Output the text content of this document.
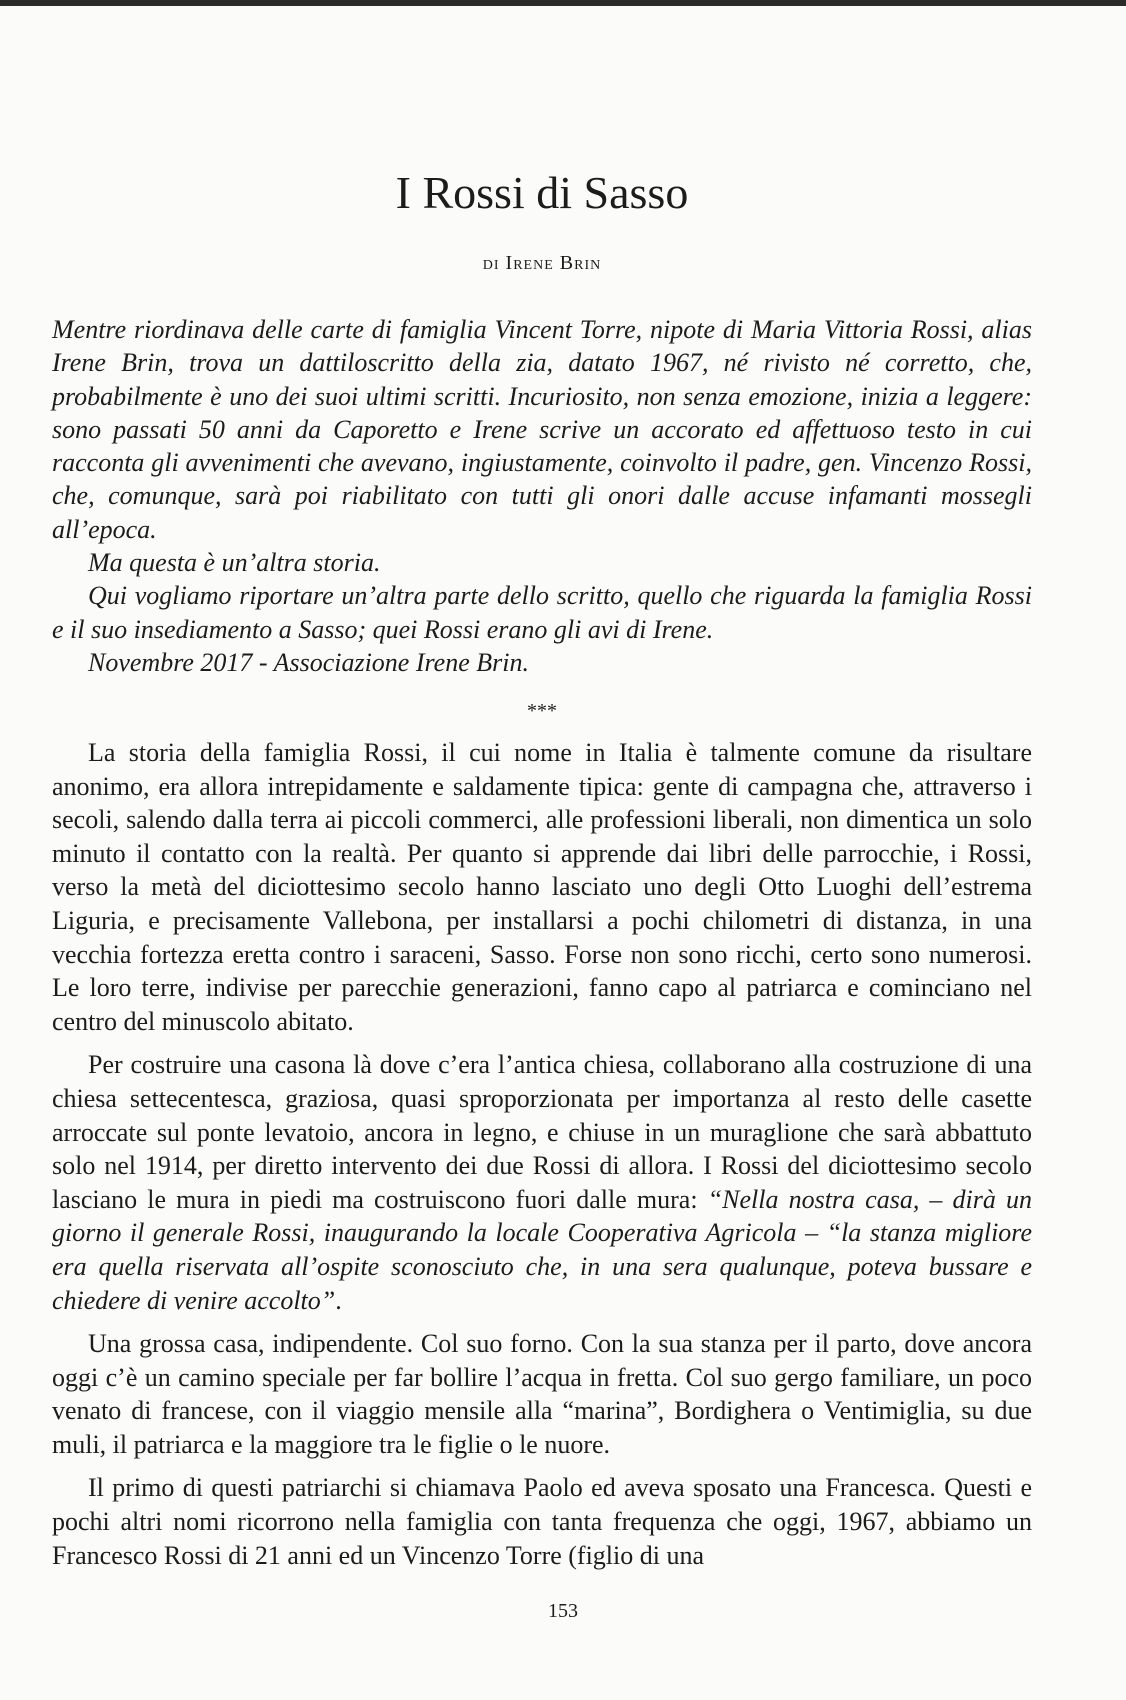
I Rossi di Sasso
di Irene Brin

Mentre riordinava delle carte di famiglia Vincent Torre, nipote di Maria Vittoria Rossi, alias Irene Brin, trova un dattiloscritto della zia, datato 1967, né rivisto né corretto, che, probabilmente è uno dei suoi ultimi scritti. Incuriosito, non senza emozione, inizia a leggere: sono passati 50 anni da Caporetto e Irene scrive un accorato ed affettuoso testo in cui racconta gli avvenimenti che avevano, ingiustamente, coinvolto il padre, gen. Vincenzo Rossi, che, comunque, sarà poi riabilitato con tutti gli onori dalle accuse infamanti mossegli all’epoca.

Ma questa è un’altra storia.

Qui vogliamo riportare un’altra parte dello scritto, quello che riguarda la famiglia Rossi e il suo insediamento a Sasso; quei Rossi erano gli avi di Irene.

Novembre 2017 - Associazione Irene Brin.

***

La storia della famiglia Rossi, il cui nome in Italia è talmente comune da risultare anonimo, era allora intrepidamente e saldamente tipica: gente di campagna che, attraverso i secoli, salendo dalla terra ai piccoli commerci, alle professioni liberali, non dimentica un solo minuto il contatto con la realtà. Per quanto si apprende dai libri delle parrocchie, i Rossi, verso la metà del diciottesimo secolo hanno lasciato uno degli Otto Luoghi dell’estrema Liguria, e precisamente Vallebona, per installarsi a pochi chilometri di distanza, in una vecchia fortezza eretta contro i saraceni, Sasso. Forse non sono ricchi, certo sono numerosi. Le loro terre, indivise per parecchie generazioni, fanno capo al patriarca e cominciano nel centro del minuscolo abitato.

Per costruire una casona là dove c’era l’antica chiesa, collaborano alla costruzione di una chiesa settecentesca, graziosa, quasi sproporzionata per importanza al resto delle casette arroccate sul ponte levatoio, ancora in legno, e chiuse in un muraglione che sarà abbattuto solo nel 1914, per diretto intervento dei due Rossi di allora. I Rossi del diciottesimo secolo lasciano le mura in piedi ma costruiscono fuori dalle mura: “Nella nostra casa, – dirà un giorno il generale Rossi, inaugurando la locale Cooperativa Agricola – “la stanza migliore era quella riservata all’ospite sconosciuto che, in una sera qualunque, poteva bussare e chiedere di venire accolto”.

Una grossa casa, indipendente. Col suo forno. Con la sua stanza per il parto, dove ancora oggi c’è un camino speciale per far bollire l’acqua in fretta. Col suo gergo familiare, un poco venato di francese, con il viaggio mensile alla “marina”, Bordighera o Ventimiglia, su due muli, il patriarca e la maggiore tra le figlie o le nuore.

Il primo di questi patriarchi si chiamava Paolo ed aveva sposato una Francesca. Questi e pochi altri nomi ricorrono nella famiglia con tanta frequenza che oggi, 1967, abbiamo un Francesco Rossi di 21 anni ed un Vincenzo Torre (figlio di una

153
